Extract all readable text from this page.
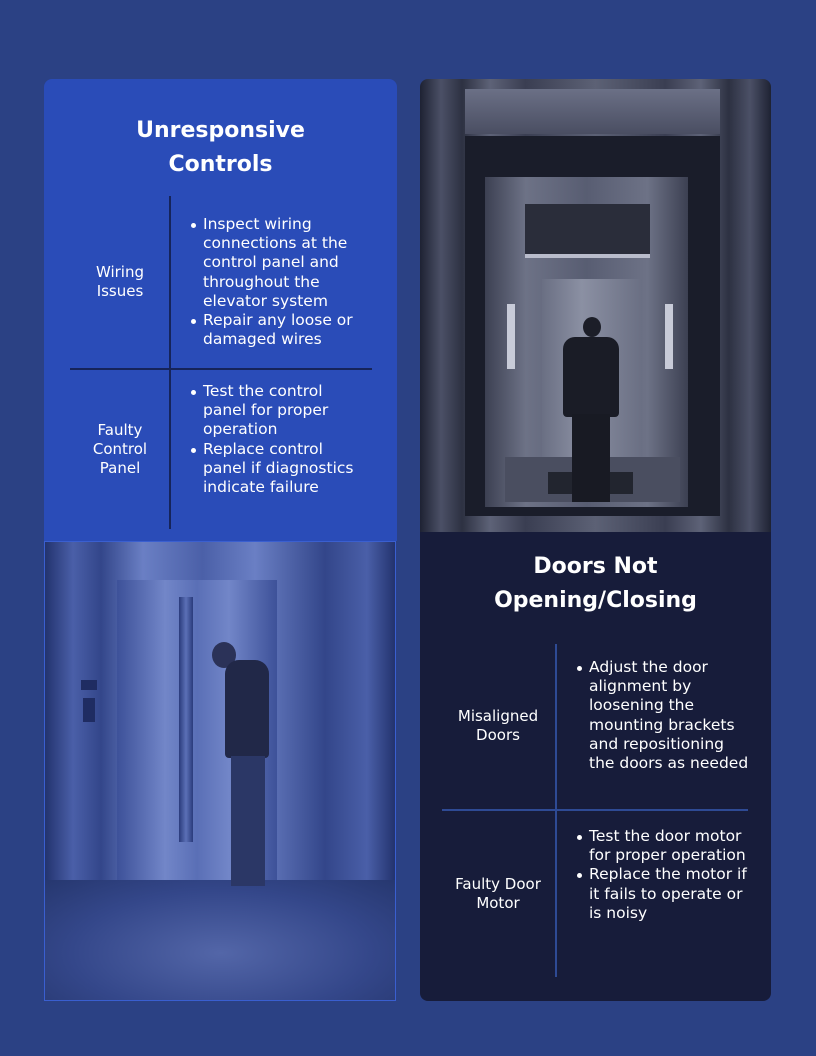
Unresponsive
Controls
Wiring
Issues
Inspect wiring connections at the control panel and throughout the elevator system
Repair any loose or damaged wires
Faulty
Control
Panel
Test the control panel for proper operation
Replace control panel if diagnostics indicate failure
Doors Not
Opening/Closing
Misaligned
Doors
Adjust the door alignment by loosening the mounting brackets and repositioning the doors as needed
Faulty Door
Motor
Test the door motor for proper operation
Replace the motor if it fails to operate or is noisy
